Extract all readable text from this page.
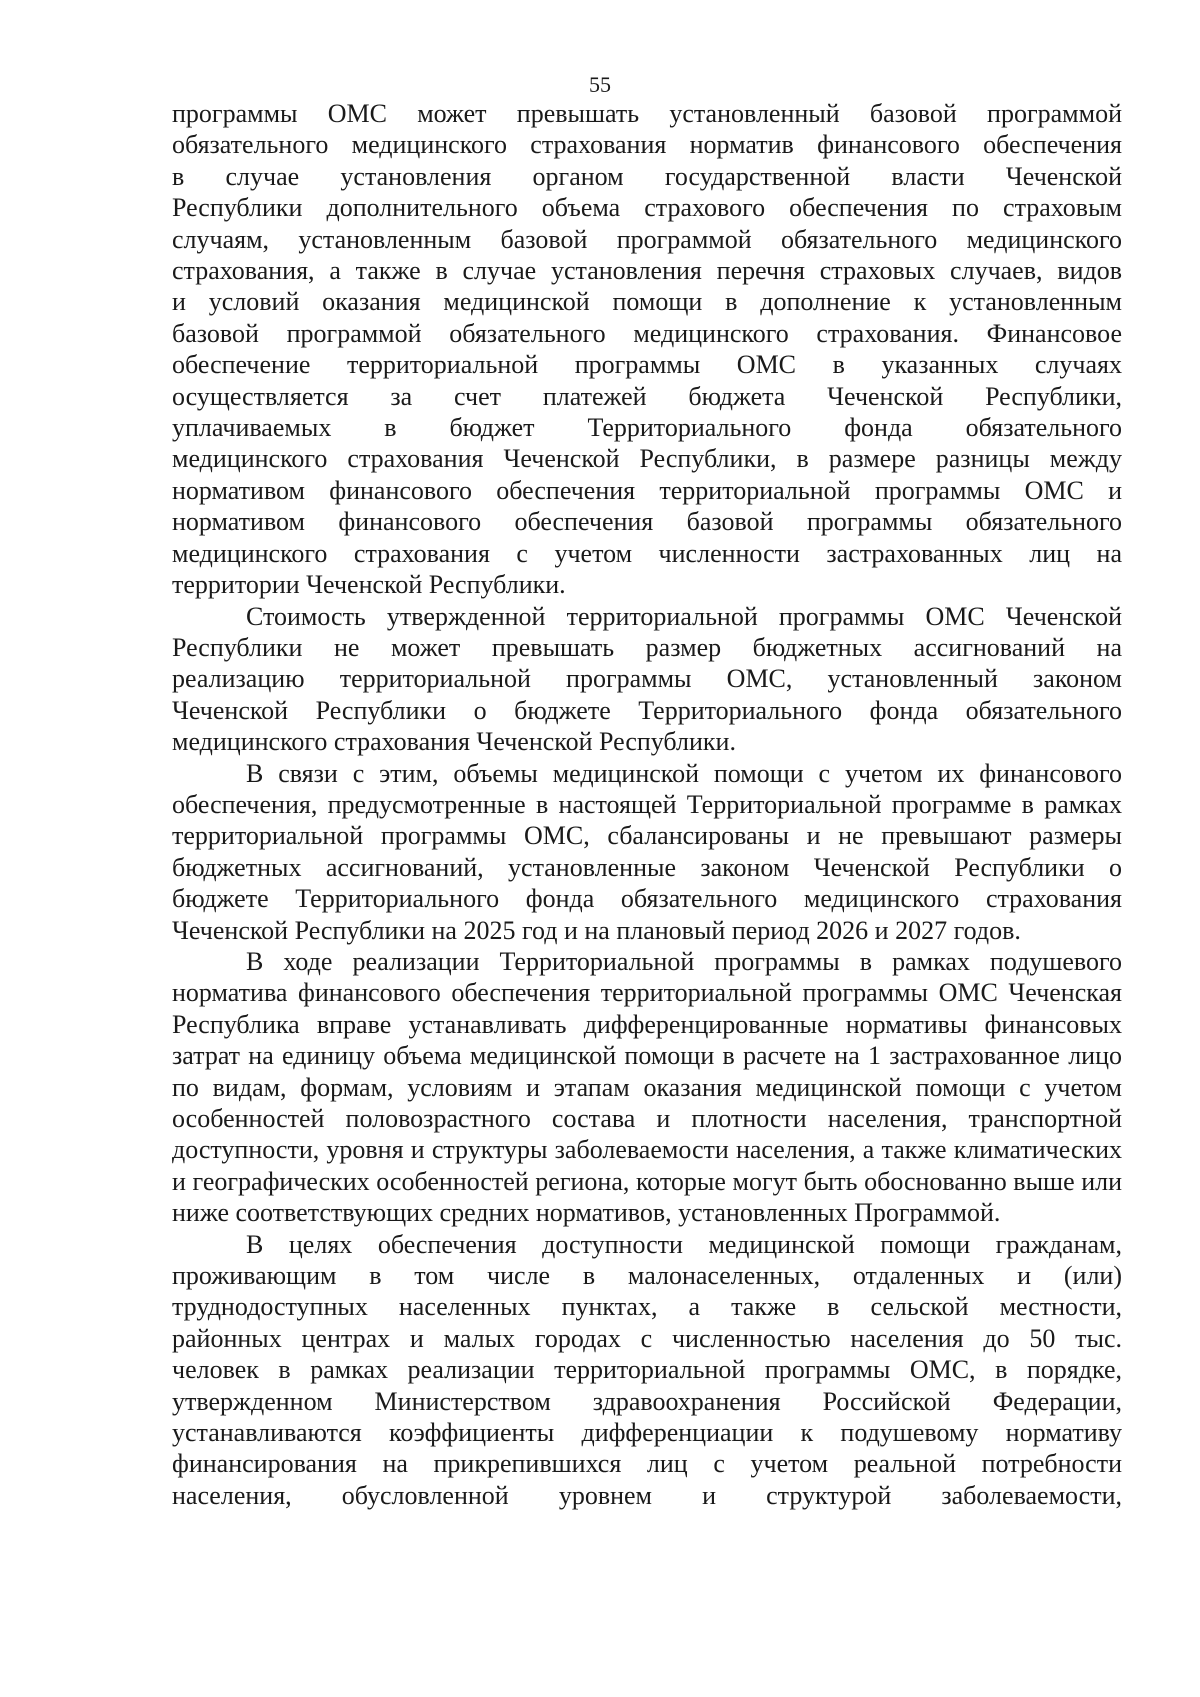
55
программы ОМС может превышать установленный базовой программой
обязательного медицинского страхования норматив финансового обеспечения
в случае установления органом государственной власти Чеченской
Республики дополнительного объема страхового обеспечения по страховым
случаям, установленным базовой программой обязательного медицинского
страхования, а также в случае установления перечня страховых случаев, видов
и условий оказания медицинской помощи в дополнение к установленным
базовой программой обязательного медицинского страхования. Финансовое
обеспечение территориальной программы ОМС в указанных случаях
осуществляется за счет платежей бюджета Чеченской Республики,
уплачиваемых в бюджет Территориального фонда обязательного
медицинского страхования Чеченской Республики, в размере разницы между
нормативом финансового обеспечения территориальной программы ОМС и
нормативом финансового обеспечения базовой программы обязательного
медицинского страхования с учетом численности застрахованных лиц на
территории Чеченской Республики.
Стоимость утвержденной территориальной программы ОМС Чеченской
Республики не может превышать размер бюджетных ассигнований на
реализацию территориальной программы ОМС, установленный законом
Чеченской Республики о бюджете Территориального фонда обязательного
медицинского страхования Чеченской Республики.
В связи с этим, объемы медицинской помощи с учетом их финансового
обеспечения, предусмотренные в настоящей Территориальной программе в рамках
территориальной программы ОМС, сбалансированы и не превышают размеры
бюджетных ассигнований, установленные законом Чеченской Республики о
бюджете Территориального фонда обязательного медицинского страхования
Чеченской Республики на 2025 год и на плановый период 2026 и 2027 годов.
В ходе реализации Территориальной программы в рамках подушевого
норматива финансового обеспечения территориальной программы ОМС Чеченская
Республика вправе устанавливать дифференцированные нормативы финансовых
затрат на единицу объема медицинской помощи в расчете на 1 застрахованное лицо
по видам, формам, условиям и этапам оказания медицинской помощи с учетом
особенностей половозрастного состава и плотности населения, транспортной
доступности, уровня и структуры заболеваемости населения, а также климатических
и географических особенностей региона, которые могут быть обоснованно выше или
ниже соответствующих средних нормативов, установленных Программой.
В целях обеспечения доступности медицинской помощи гражданам,
проживающим в том числе в малонаселенных, отдаленных и (или)
труднодоступных населенных пунктах, а также в сельской местности,
районных центрах и малых городах с численностью населения до 50 тыс.
человек в рамках реализации территориальной программы ОМС, в порядке,
утвержденном Министерством здравоохранения Российской Федерации,
устанавливаются коэффициенты дифференциации к подушевому нормативу
финансирования на прикрепившихся лиц с учетом реальной потребности
населения, обусловленной уровнем и структурой заболеваемости,
